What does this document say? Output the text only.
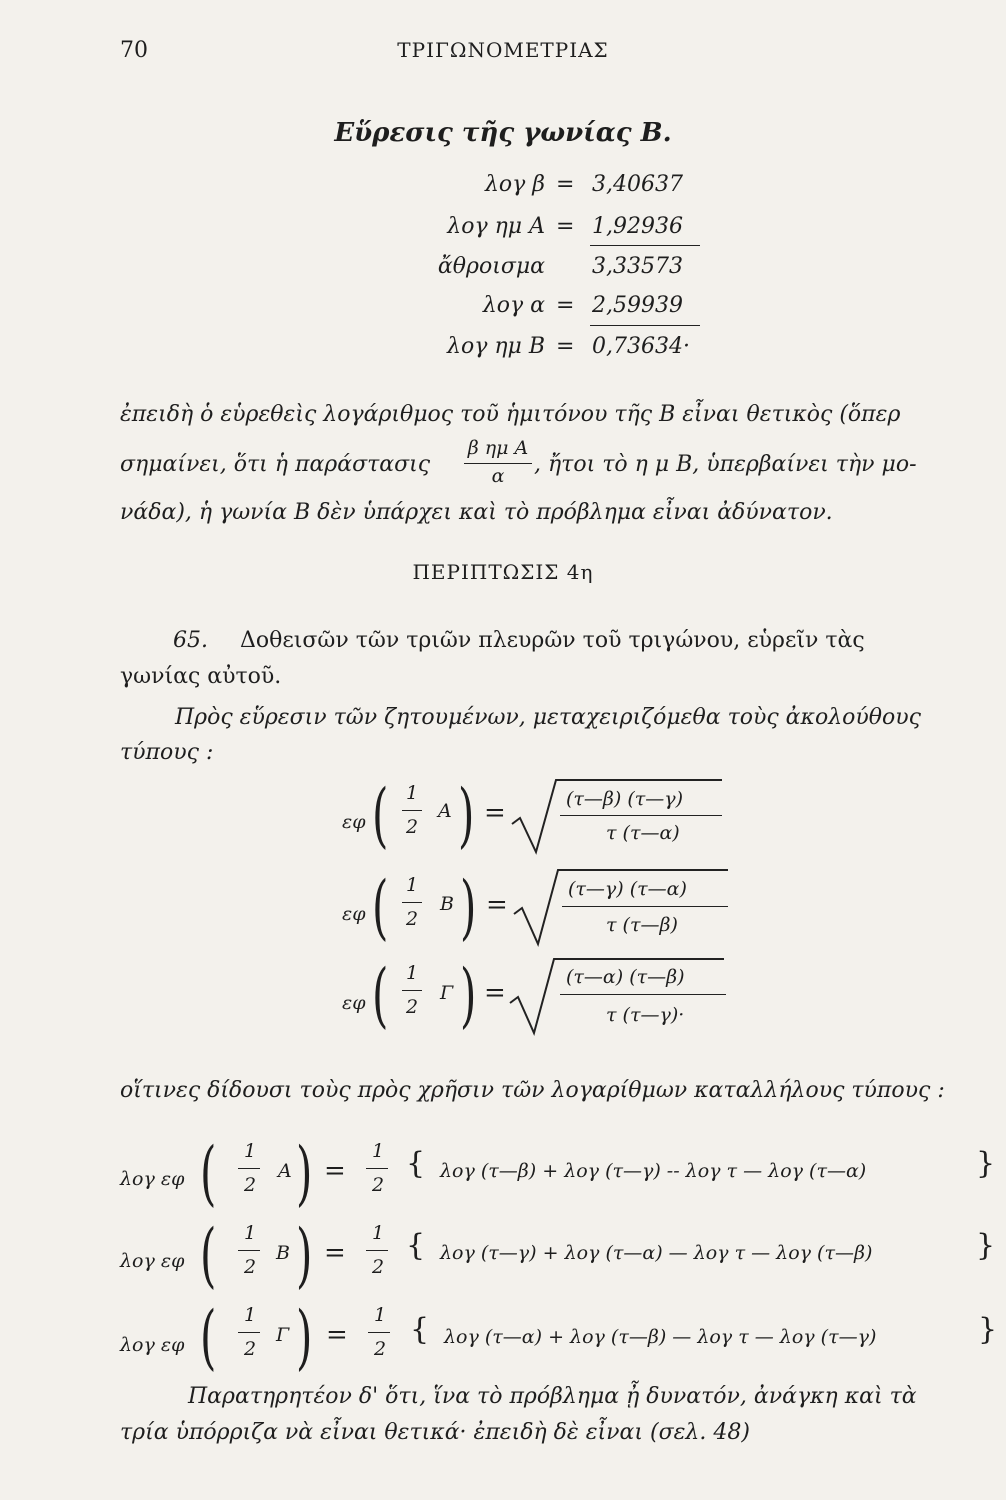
70	ΤΡΙΓΩΝΟΜΕΤΡΙΑΣ
Εὕρεσις τῆς γωνίας Β.
λογ β = 3,40637
λογ ημ Α = 1,92936
ἄθροισμα 3,33573
λογ α = 2,59939
λογ ημ Β = 0,73634·
ἐπειδὴ ὁ εὑρεθεὶς λογάριθμος τοῦ ἡμιτόνου τῆς Β εἶναι θετικὸς (ὅπερ
σημαίνει, ὅτι ἡ παράστασις
β ημ Α
α	, ἤτοι τὸ η μ Β, ὑπερβαίνει τὴν μο-
νάδα), ἡ γωνία Β δὲν ὑπάρχει καὶ τὸ πρόβλημα εἶναι ἀδύνατον.
ΠΕΡΙΠΤΩΣΙΣ 4η
65. Δοθεισῶν τῶν τριῶν πλευρῶν τοῦ τριγώνου, εὑρεῖν τὰς
γωνίας αὐτοῦ.
Πρὸς εὕρεσιν τῶν ζητουμένων, μεταχειριζόμεθα τοὺς ἀκολούθους
τύπους :
εφ ( 1
2
Α ) =	(τ—β) (τ—γ)
τ (τ—α)
εφ ( 1
2
Β ) =
(τ—γ) (τ—α)
τ (τ—β)
εφ ( 1
2
Γ ) =
(τ—α) (τ—β)
τ (τ—γ)·
οἵτινες δίδουσι τοὺς πρὸς χρῆσιν τῶν λογαρίθμων καταλλήλους τύπους :
λογ εφ ( 1
2
Α ) =
1
2
{ λογ (τ—β) + λογ (τ—γ) -- λογ τ — λογ (τ—α)	}
λογ εφ ( 1
2
Β ) =
1
2
{ λογ (τ—γ) + λογ (τ—α) — λογ τ — λογ (τ—β)	}
λογ εφ ( 1
2
Γ ) =
1
2
{ λογ (τ—α) + λογ (τ—β) — λογ τ — λογ (τ—γ)	}
Παρατηρητέον δ' ὅτι, ἵνα τὸ πρόβλημα ᾖ δυνατόν, ἀνάγκη καὶ τὰ
τρία ὑπόρριζα νὰ εἶναι θετικά· ἐπειδὴ δὲ εἶναι (σελ. 48)
